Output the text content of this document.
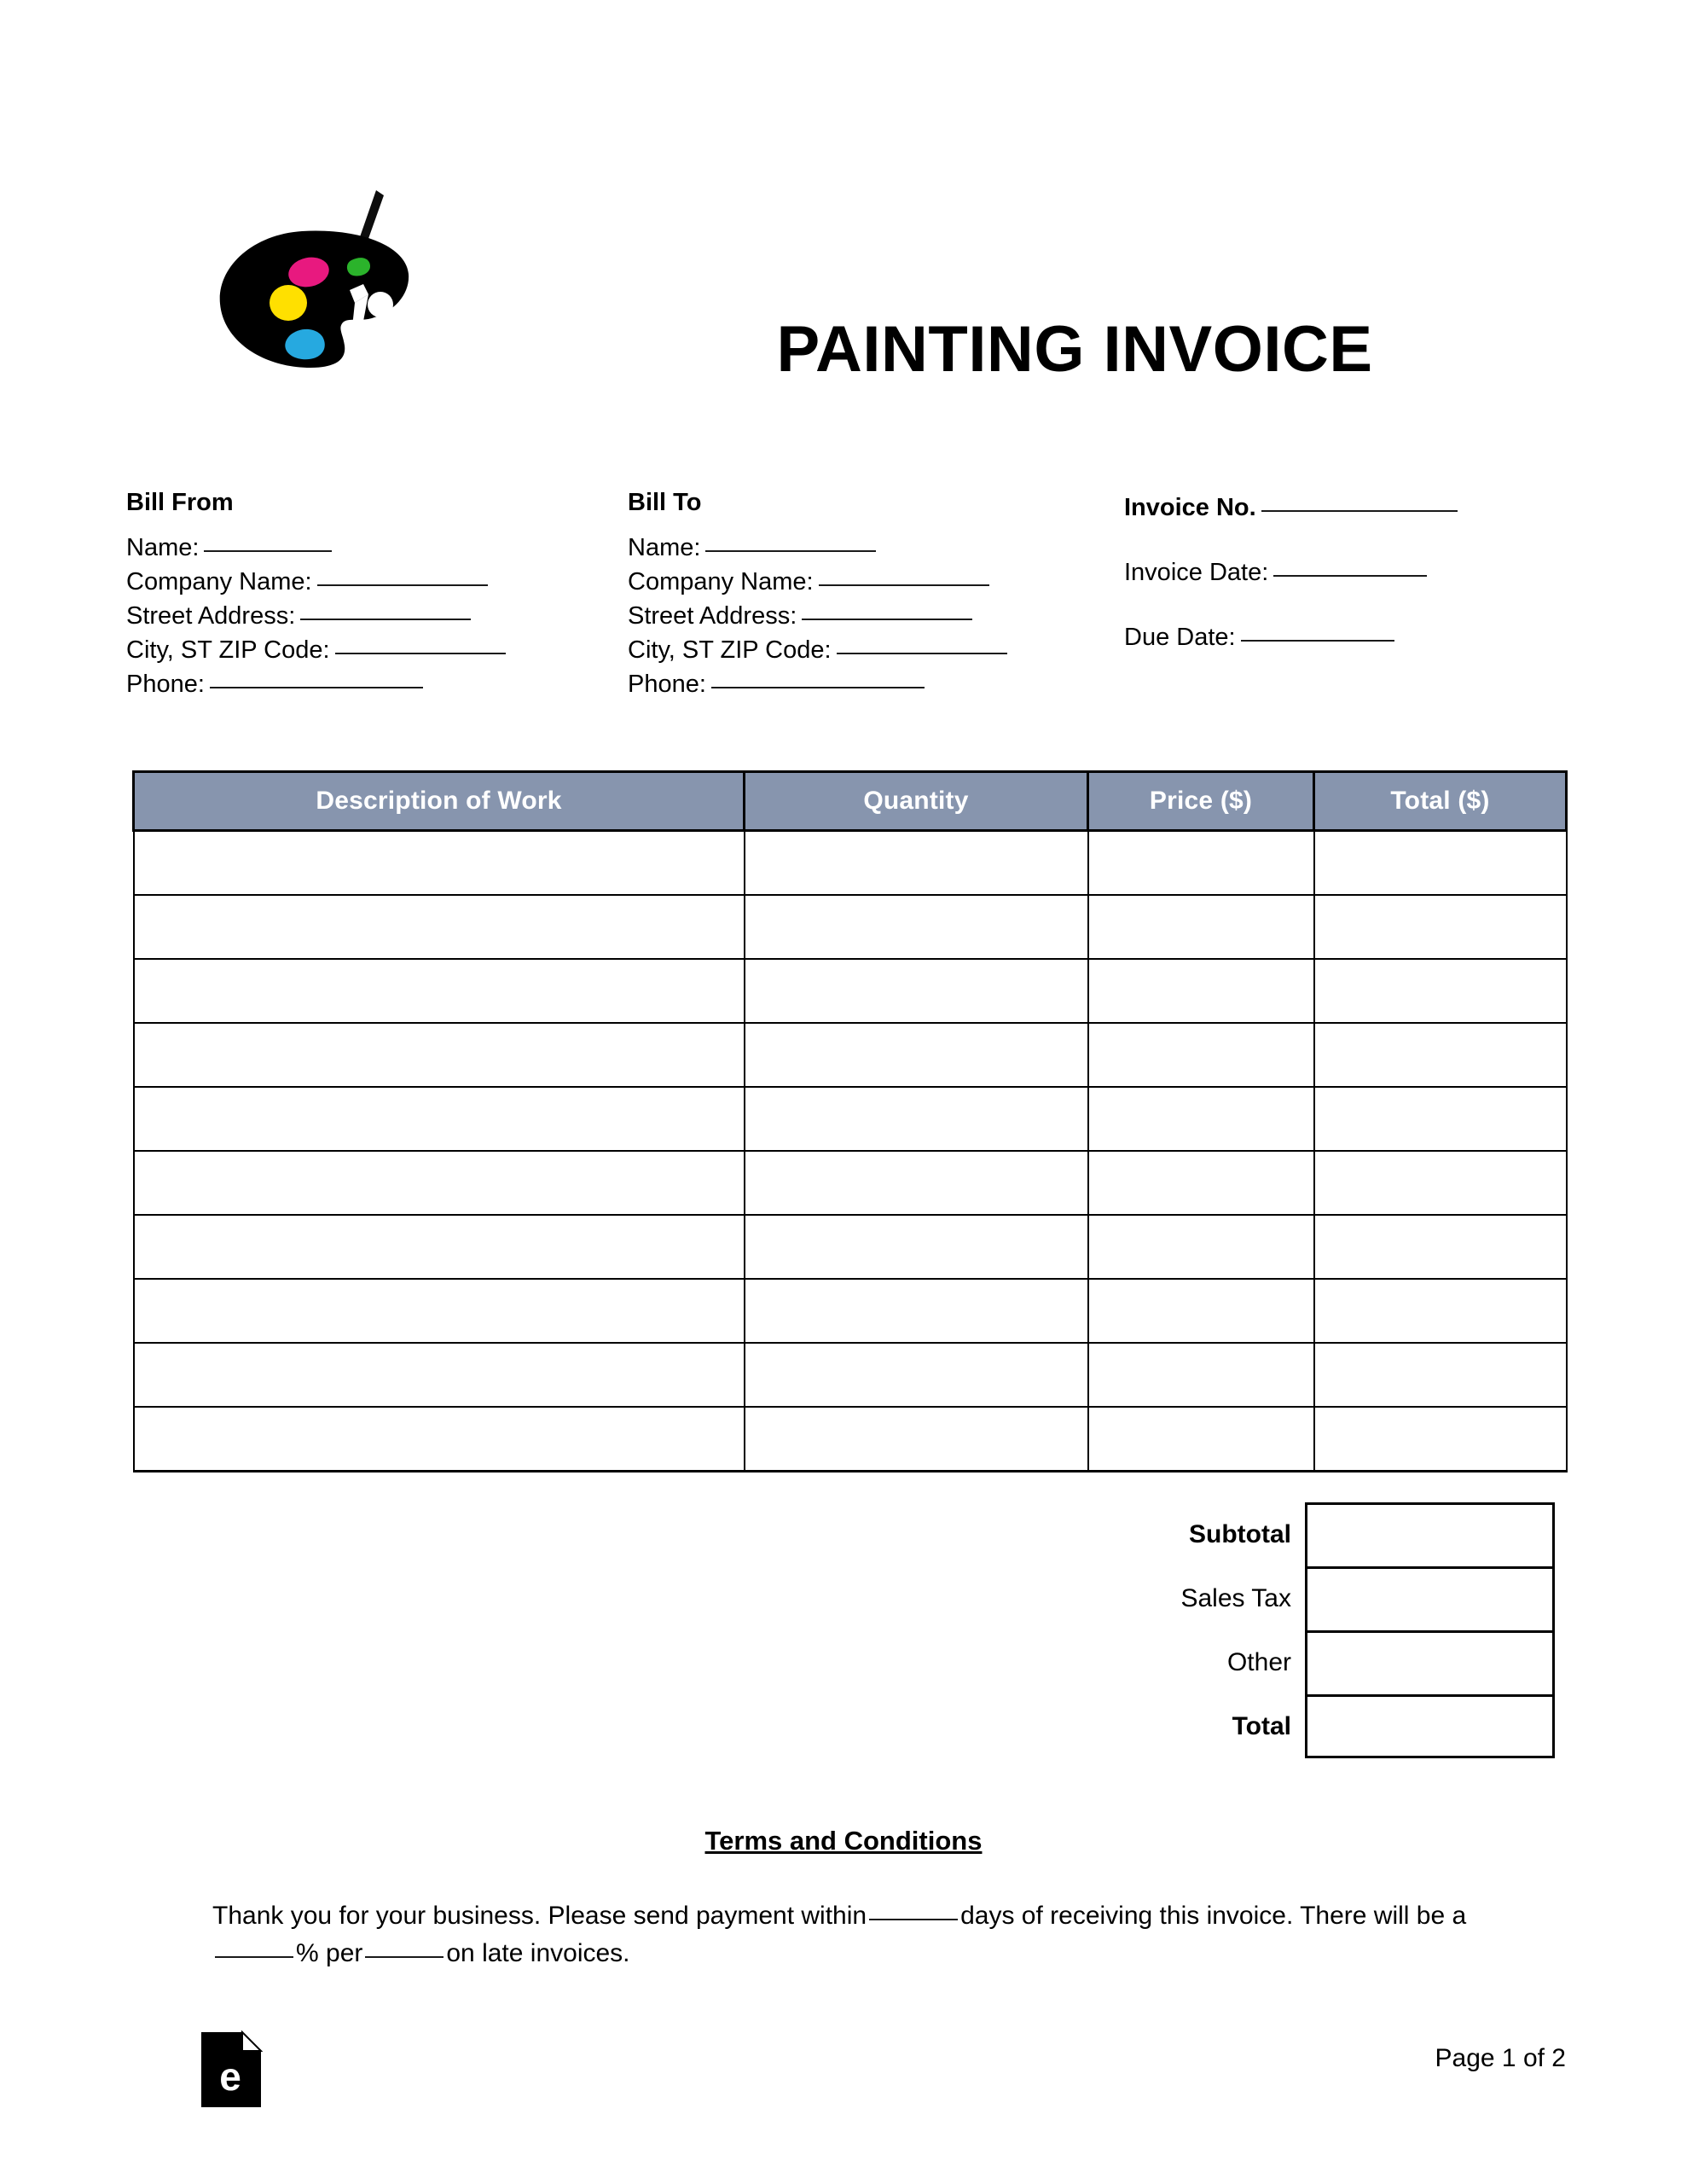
PAINTING INVOICE
Bill From
Name:
Company Name:
Street Address:
City, ST ZIP Code:
Phone:
Bill To
Name:
Company Name:
Street Address:
City, ST ZIP Code:
Phone:
Invoice No.
Invoice Date:
Due Date:
Description of Work	Quantity	Price ($)	Total ($)

Subtotal
Sales Tax
Other
Total
Terms and Conditions
Thank you for your business. Please send payment within	days of receiving this invoice. There will be a% per	on late invoices.
e	Page 1 of 2
